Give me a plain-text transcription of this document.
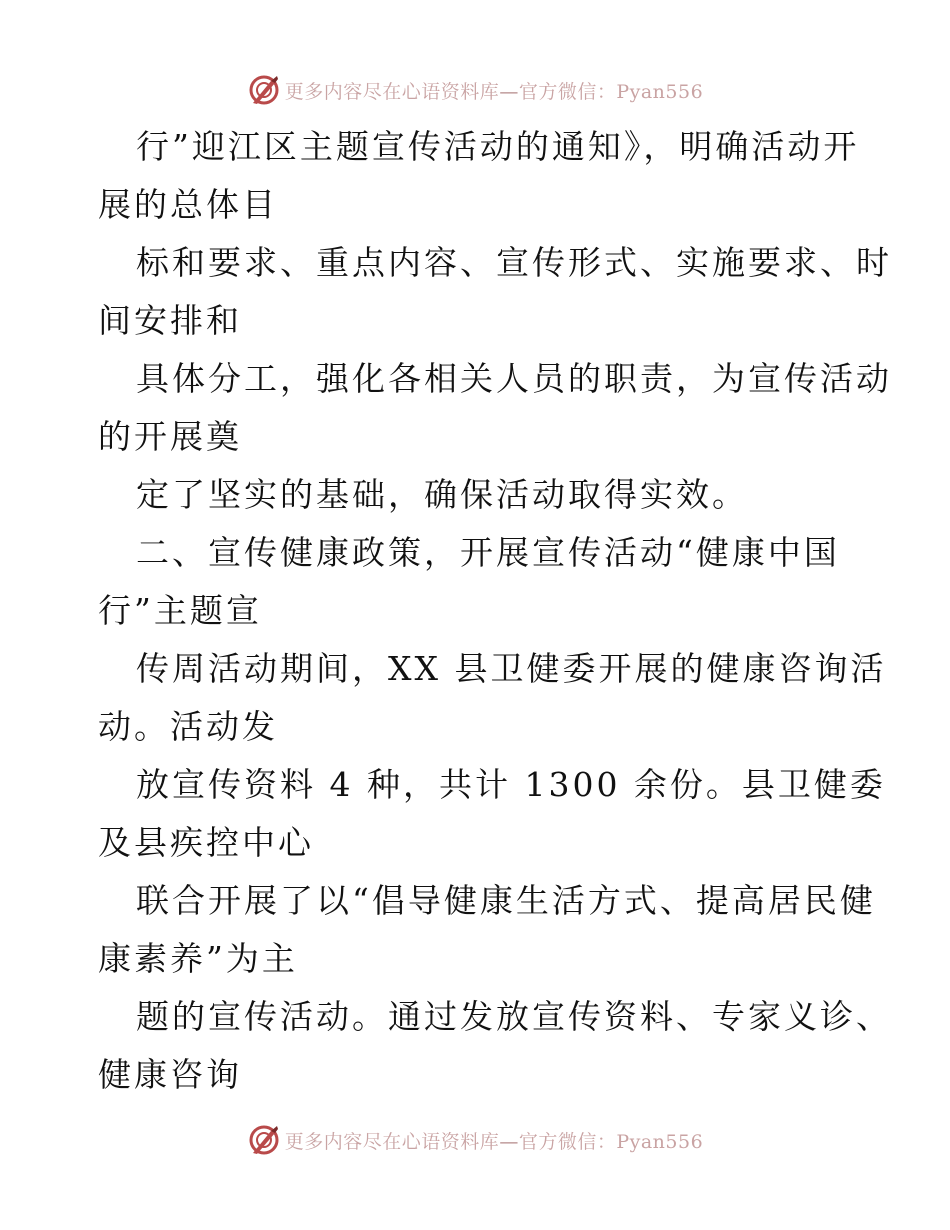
更多内容尽在心语资料库—官方微信：Pyan556
行”迎江区主题宣传活动的通知》，明确活动开
展的总体目
标和要求、重点内容、宣传形式、实施要求、时
间安排和
具体分工，强化各相关人员的职责，为宣传活动
的开展奠
定了坚实的基础，确保活动取得实效。
二、宣传健康政策，开展宣传活动“健康中国
行”主题宣
传周活动期间，XX 县卫健委开展的健康咨询活
动。活动发
放宣传资料 4 种，共计 1300 余份。县卫健委
及县疾控中心
联合开展了以“倡导健康生活方式、提高居民健
康素养”为主
题的宣传活动。通过发放宣传资料、专家义诊、
健康咨询
更多内容尽在心语资料库—官方微信：Pyan556
